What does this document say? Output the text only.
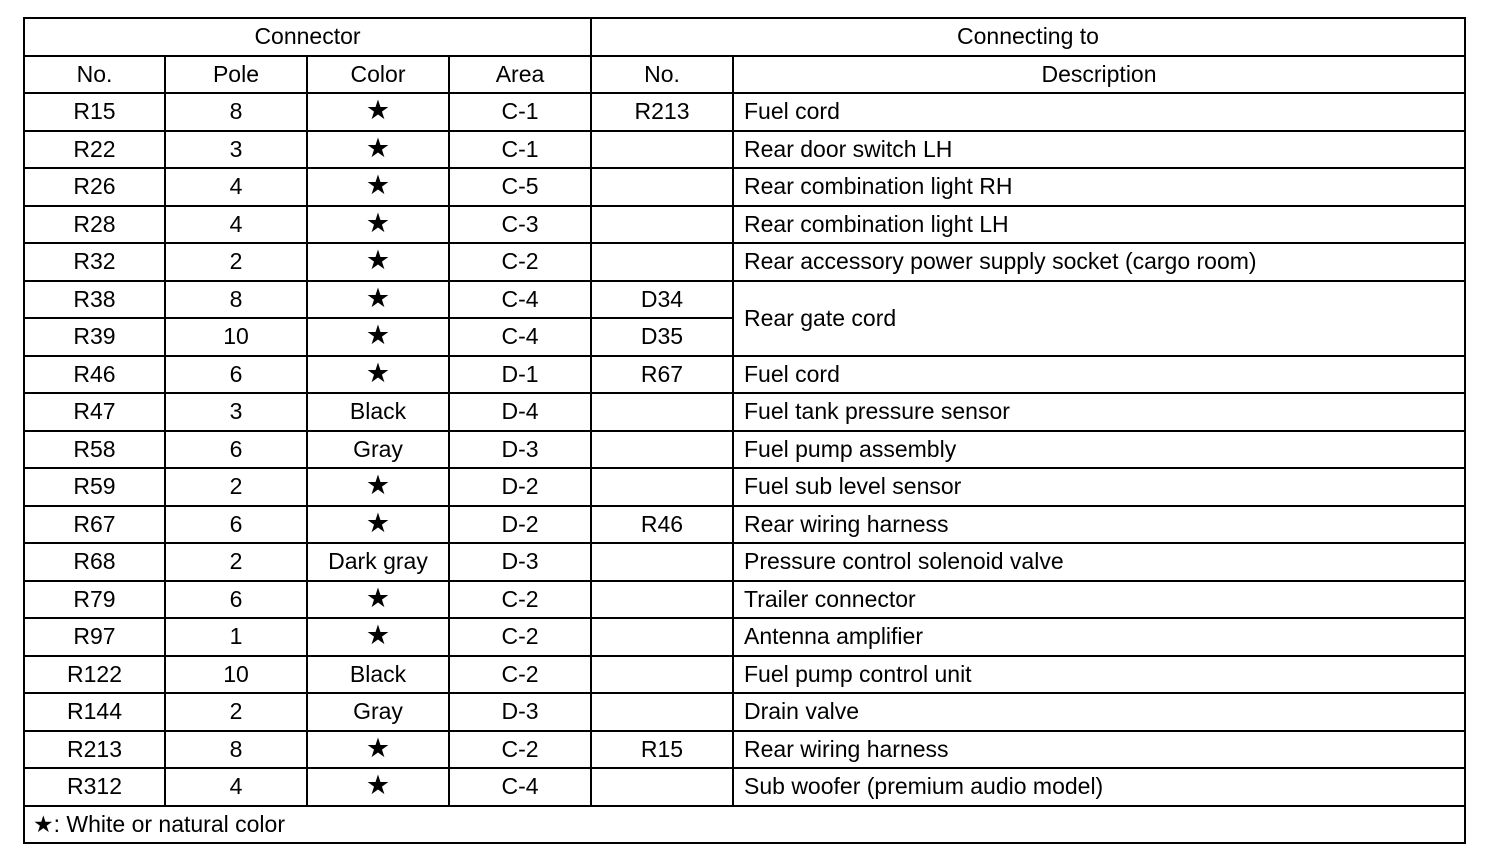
Connector				Connecting to	
No.	Pole	Color	Area	No.	Description
R15	8	★	C-1	R213	Fuel cord
R22	3	★	C-1		Rear door switch LH
R26	4	★	C-5		Rear combination light RH
R28	4	★	C-3		Rear combination light LH
R32	2	★	C-2		Rear accessory power supply socket (cargo room)
R38	8	★	C-4	D34	Rear gate cord
R39	10	★	C-4	D35	
R46	6	★	D-1	R67	Fuel cord
R47	3	Black	D-4		Fuel tank pressure sensor
R58	6	Gray	D-3		Fuel pump assembly
R59	2	★	D-2		Fuel sub level sensor
R67	6	★	D-2	R46	Rear wiring harness
R68	2	Dark gray	D-3		Pressure control solenoid valve
R79	6	★	C-2		Trailer connector
R97	1	★	C-2		Antenna amplifier
R122	10	Black	C-2		Fuel pump control unit
R144	2	Gray	D-3		Drain valve
R213	8	★	C-2	R15	Rear wiring harness
R312	4	★	C-4		Sub woofer (premium audio model)
★: White or natural color					
